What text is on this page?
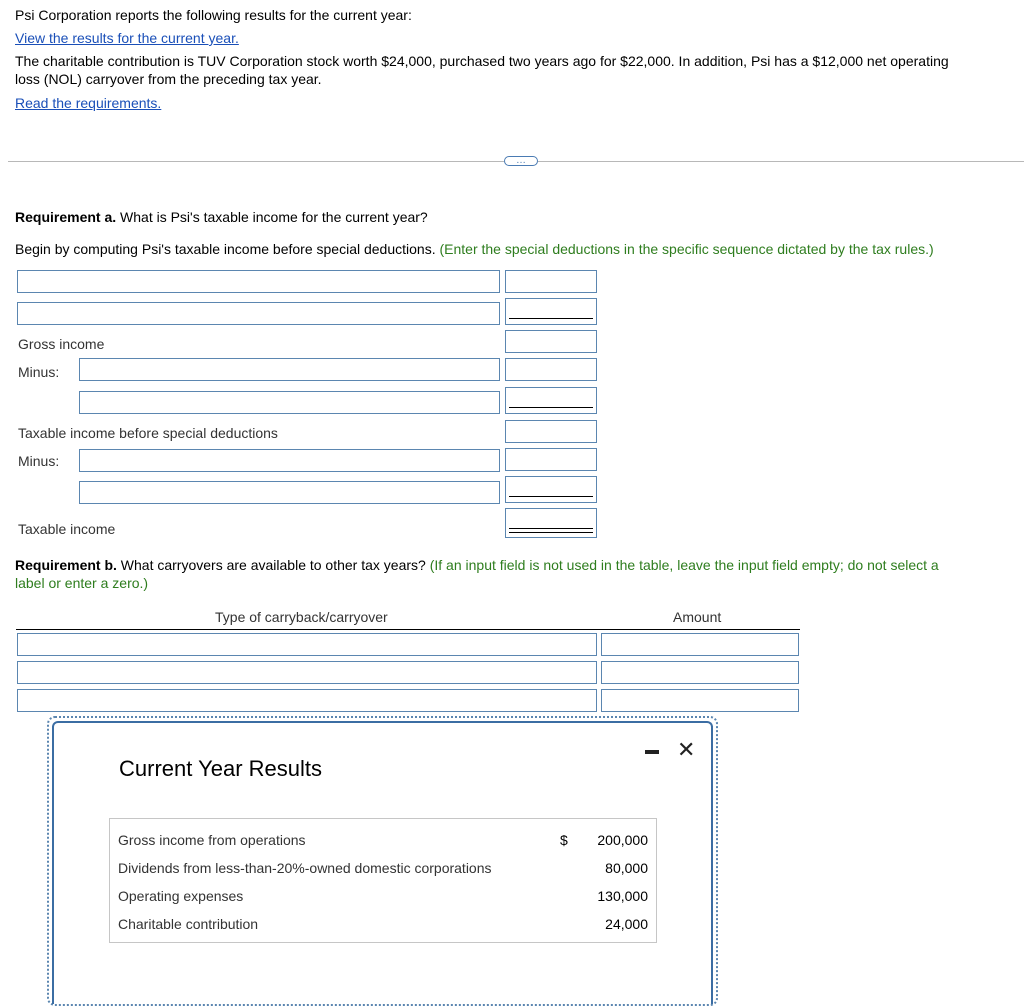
Psi Corporation reports the following results for the current year:
View the results for the current year.
The charitable contribution is TUV Corporation stock worth $24,000, purchased two years ago for $22,000. In addition, Psi has a $12,000 net operating
loss (NOL) carryover from the preceding tax year.
Read the requirements.
…
Requirement a. What is Psi's taxable income for the current year?
Begin by computing Psi's taxable income before special deductions. (Enter the special deductions in the specific sequence dictated by the tax rules.)
Gross income
Minus:
Taxable income before special deductions
Minus:
Taxable income
Requirement b. What carryovers are available to other tax years? (If an input field is not used in the table, leave the input field empty; do not select a
label or enter a zero.)
Type of carryback/carryover	Amount
Current Year Results
✕
$
Gross income from operations	200,000
Dividends from less-than-20%-owned domestic corporations	80,000
Operating expenses	130,000
Charitable contribution	24,000
